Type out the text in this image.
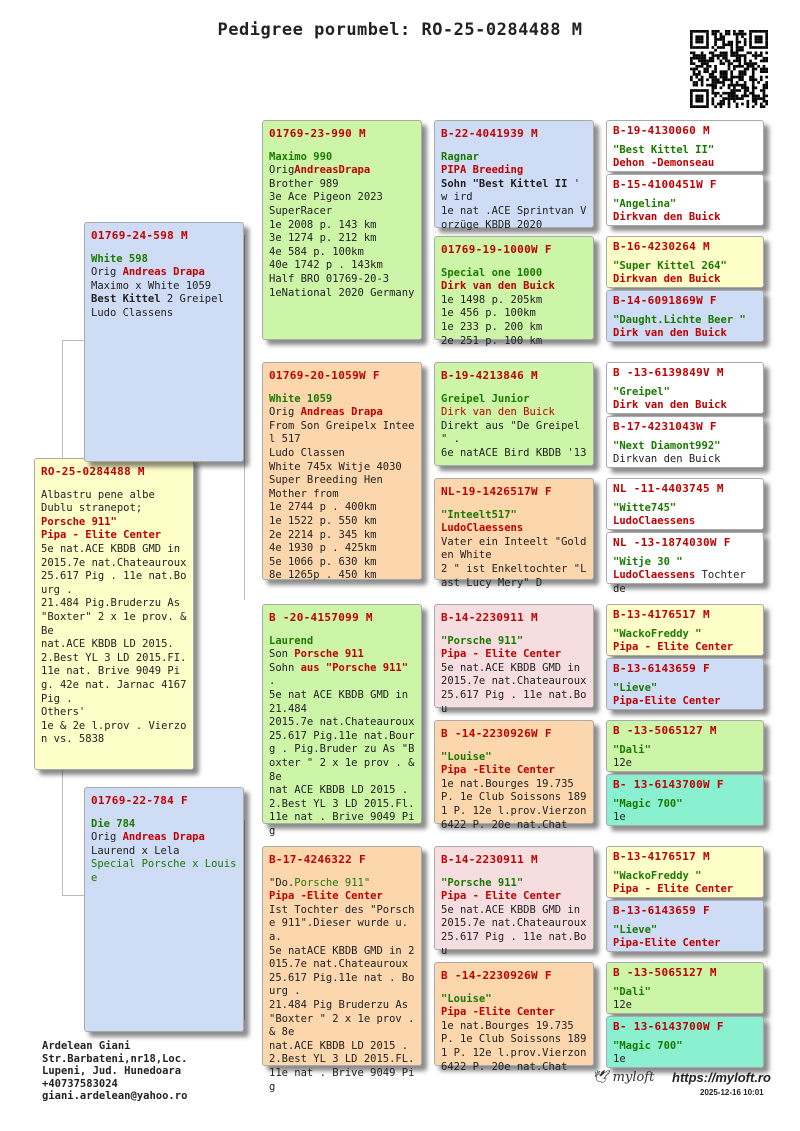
Pedigree porumbel: RO-25-0284488 M
RO-25-0284488 M
Albastru pene albe
Dublu stranepot;
Porsche 911"
Pipa - Elite Center
5e nat.ACE KBDB GMD in 2015.7e nat.Chateauroux 25.617 Pig . 11e nat.Bourg .
21.484 Pig.Bruderzu As "Boxter" 2 x 1e prov. & Be
nat.ACE KBDB LD 2015. 2.Best YL 3 LD 2015.FI. 11e nat. Brive 9049 Pig. 42e nat. Jarnac 4167 Pig .
Others'
1e & 2e l.prov . Vierzon vs. 5838
01769-24-598 M
White 598
Orig Andreas Drapa
Maximo x White 1059
Best Kittel 2 Greipel
Ludo Classens
01769-22-784 F
Die 784
Orig Andreas Drapa
Laurend x Lela
Special Porsche x Louise
01769-23-990 M
Maximo 990
OrigAndreasDrapa
Brother 989
3e Ace Pigeon 2023
SuperRacer
1e 2008 p. 143 km
3e 1274 p. 212 km
4e 584 p. 100km
40e 1742 p . 143km
Half BRO 01769-20-3
1eNational 2020 Germany
01769-20-1059W F
White 1059
Orig Andreas Drapa
From Son Greipelx Inteel 517
Ludo Classen
White 745x Witje 4030
Super Breeding Hen
Mother from
1e 2744 p . 400km
1e 1522 p. 550 km
2e 2214 p. 345 km
4e 1930 p . 425km
5e 1066 p. 630 km
8e 1265p . 450 km
B -20-4157099 M
Laurend
Son Porsche 911
Sohn aus "Porsche 911" .
5e nat ACE KBDB GMD in 21.484
2015.7e nat.Chateauroux 25.617 Pig.11e nat.Bourg . Pig.Bruder zu As "Boxter " 2 x 1e prov . & 8e
nat ACE KBDB LD 2015 . 2.Best YL 3 LD 2015.Fl. 11e nat . Brive 9049 Pig
B-17-4246322 F
"Do.Porsche 911"
Pipa -Elite Center
Ist Tochter des "Porsche 911".Dieser wurde u.a.
5e natACE KBDB GMD in 2015.7e nat.Chateauroux 25.617 Pig.11e nat . Bourg .
21.484 Pig Bruderzu As "Boxter " 2 x 1e prov . & 8e
nat.ACE KBDB LD 2015 . 2.Best YL 3 LD 2015.FL. 11e nat . Brive 9049 Pig
B-22-4041939 M
Ragnar
PIPA Breeding
Sohn "Best Kittel II ' w ird
1e nat .ACE Sprintvan Vorzüge KBDB 2020
01769-19-1000W F
Special one 1000
Dirk van den Buick
1e 1498 p. 205km
1e 456 p. 100km
1e 233 p. 200 km
2e 251 p. 100 km
B-19-4213846 M
Greipel Junior
Dirk van den Buick
Direkt aus "De Greipel " .
6e natACE Bird KBDB '13
NL-19-1426517W F
"Inteelt517"
LudoClaessens
Vater ein Inteelt "Golden White
2 " ist Enkeltochter "Last Lucy Mery" D
B-14-2230911 M
"Porsche 911"
Pipa - Elite Center
5e nat.ACE KBDB GMD in 2015.7e nat.Chateauroux 25.617 Pig . 11e nat.Bou
B -14-2230926W F
"Louise"
Pipa -Elite Center
1e nat.Bourges 19.735 P. 1e Club Soissons 1891 P. 12e l.prov.Vierzon 6422 P. 20e nat.Chat
B-14-2230911 M
"Porsche 911"
Pipa - Elite Center
5e nat.ACE KBDB GMD in 2015.7e nat.Chateauroux 25.617 Pig . 11e nat.Bou
B -14-2230926W F
"Louise"
Pipa -Elite Center
1e nat.Bourges 19.735 P. 1e Club Soissons 1891 P. 12e l.prov.Vierzon 6422 P. 20e nat.Chat
B-19-4130060 M
"Best Kittel II"
Dehon -Demonseau
B-15-4100451W F
"Angelina"
Dirkvan den Buick
B-16-4230264 M
"Super Kittel 264"
Dirkvan den Buick
B-14-6091869W F
"Daught.Lichte Beer "
Dirk van den Buick
B -13-6139849V M
"Greipel"
Dirk van den Buick
B-17-4231043W F
"Next Diamont992"
Dirkvan den Buick
NL -11-4403745 M
"Witte745"
LudoClaessens
NL -13-1874030W F
"Witje 30 "
LudoClaessens Tochter de
B-13-4176517 M
"WackoFreddy "
Pipa - Elite Center
B-13-6143659 F
"Lieve"
Pipa-Elite Center
B -13-5065127 M
"Dali"
12e
B- 13-6143700W F
"Magic 700"
1e
B-13-4176517 M
"WackoFreddy "
Pipa - Elite Center
B-13-6143659 F
"Lieve"
Pipa-Elite Center
B -13-5065127 M
"Dali"
12e
B- 13-6143700W F
"Magic 700"
1e
Ardelean Giani
Str.Barbateni,nr18,Loc.
Lupeni, Jud. Hunedoara
+40737583024
giani.ardelean@yahoo.ro
🕊 myloft https://myloft.ro
2025-12-16 10:01
